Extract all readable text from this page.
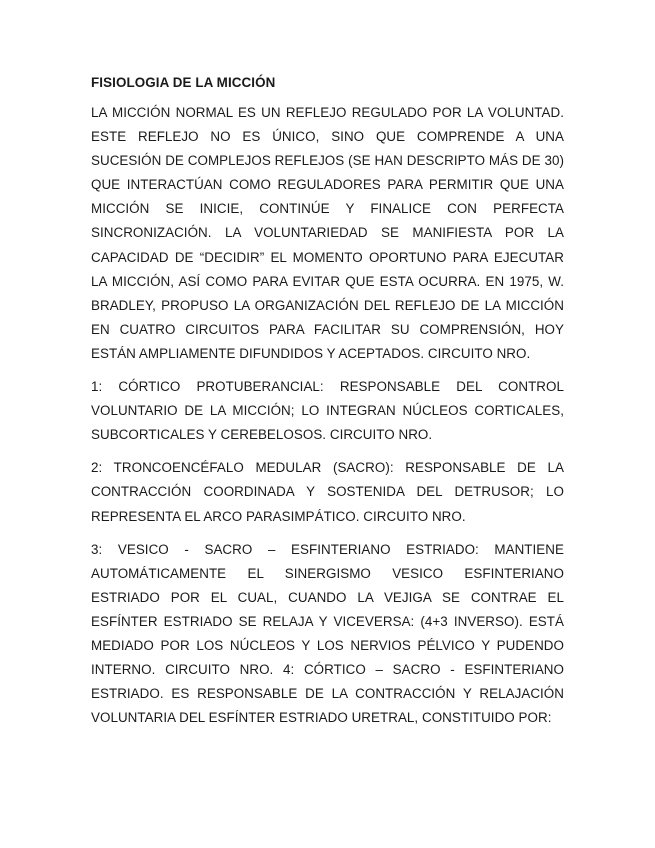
FISIOLOGIA DE LA MICCIÓN

LA MICCIÓN NORMAL ES UN REFLEJO REGULADO POR LA VOLUNTAD. ESTE REFLEJO NO ES ÚNICO, SINO QUE COMPRENDE A UNA SUCESIÓN DE COMPLEJOS REFLEJOS (SE HAN DESCRIPTO MÁS DE 30) QUE INTERACTÚAN COMO REGULADORES PARA PERMITIR QUE UNA MICCIÓN SE INICIE, CONTINÚE Y FINALICE CON PERFECTA SINCRONIZACIÓN. LA VOLUNTARIEDAD SE MANIFIESTA POR LA CAPACIDAD DE “DECIDIR” EL MOMENTO OPORTUNO PARA EJECUTAR LA MICCIÓN, ASÍ COMO PARA EVITAR QUE ESTA OCURRA. EN 1975, W. BRADLEY, PROPUSO LA ORGANIZACIÓN DEL REFLEJO DE LA MICCIÓN EN CUATRO CIRCUITOS PARA FACILITAR SU COMPRENSIÓN, HOY ESTÁN AMPLIAMENTE DIFUNDIDOS Y ACEPTADOS. CIRCUITO NRO.

1: CÓRTICO PROTUBERANCIAL: RESPONSABLE DEL CONTROL VOLUNTARIO DE LA MICCIÓN; LO INTEGRAN NÚCLEOS CORTICALES, SUBCORTICALES Y CEREBELOSOS. CIRCUITO NRO.

2: TRONCOENCÉFALO MEDULAR (SACRO): RESPONSABLE DE LA CONTRACCIÓN COORDINADA Y SOSTENIDA DEL DETRUSOR; LO REPRESENTA EL ARCO PARASIMPÁTICO. CIRCUITO NRO.

3: VESICO - SACRO – ESFINTERIANO ESTRIADO: MANTIENE AUTOMÁTICAMENTE EL SINERGISMO VESICO ESFINTERIANO ESTRIADO POR EL CUAL, CUANDO LA VEJIGA SE CONTRAE EL ESFÍNTER ESTRIADO SE RELAJA Y VICEVERSA: (4+3 INVERSO). ESTÁ MEDIADO POR LOS NÚCLEOS Y LOS NERVIOS PÉLVICO Y PUDENDO INTERNO. CIRCUITO NRO. 4: CÓRTICO – SACRO - ESFINTERIANO ESTRIADO. ES RESPONSABLE DE LA CONTRACCIÓN Y RELAJACIÓN VOLUNTARIA DEL ESFÍNTER ESTRIADO URETRAL, CONSTITUIDO POR:
